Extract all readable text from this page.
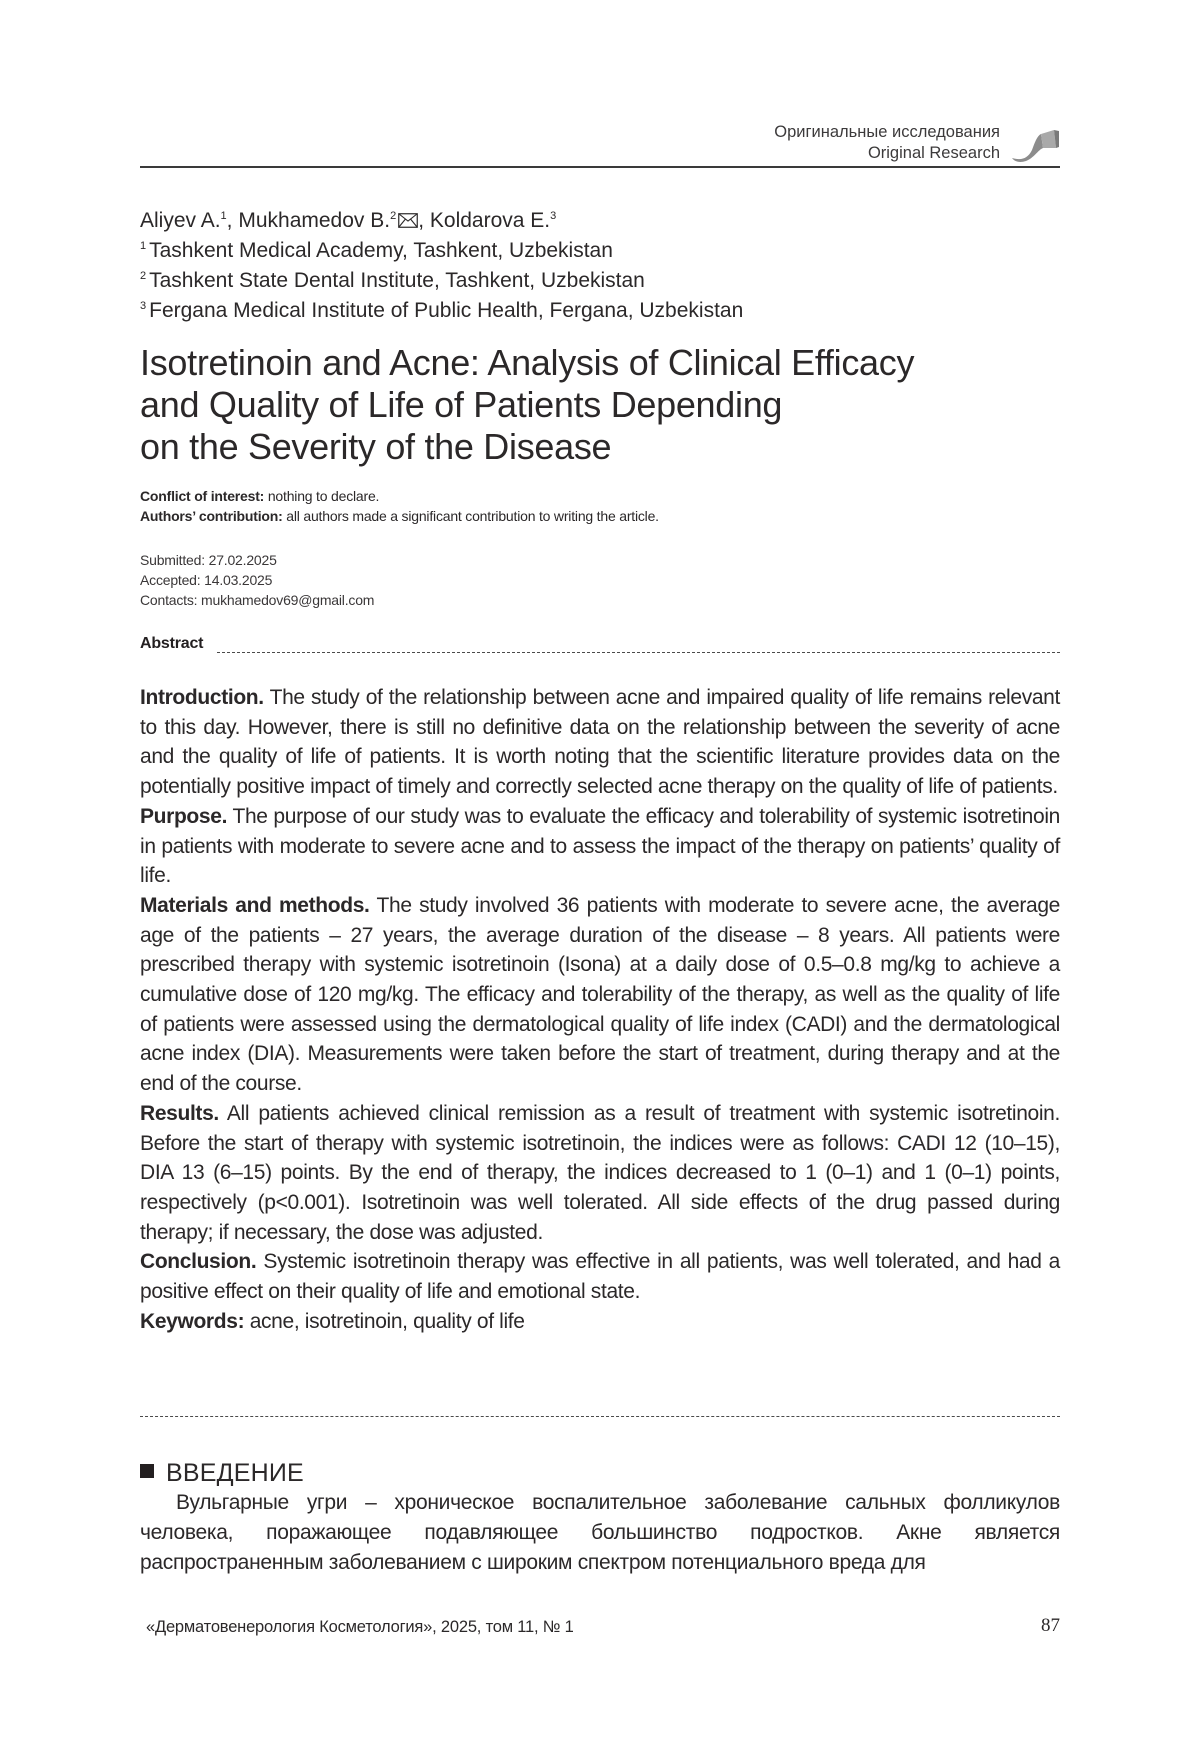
Оригинальные исследования
Original Research
Aliyev A.$^1$, Mukhamedov B.$^2$ , Koldarova E.$^3$
$^1$ Tashkent Medical Academy, Tashkent, Uzbekistan
$^2$ Tashkent State Dental Institute, Tashkent, Uzbekistan
$^3$ Fergana Medical Institute of Public Health, Fergana, Uzbekistan
Isotretinoin and Acne: Analysis of Clinical Efficacy
and Quality of Life of Patients Depending
on the Severity of the Disease
Conflict of interest: nothing to declare.
Authors’ contribution: all authors made a significant contribution to writing the article.
Submitted: 27.02.2025
Accepted: 14.03.2025
Contacts: mukhamedov69@gmail.com
Abstract

Introduction. The study of the relationship between acne and impaired quality of life remains relevant to this day. However, there is still no definitive data on the relationship between the severity of acne and the quality of life of patients. It is worth noting that the scientific literature provides data on the potentially positive impact of timely and correctly selected acne therapy on the quality of life of patients.

Purpose. The purpose of our study was to evaluate the efficacy and tolerability of systemic isotretinoin in patients with moderate to severe acne and to assess the impact of the therapy on patients’ quality of life.

Materials and methods. The study involved 36 patients with moderate to severe acne, the average age of the patients – 27 years, the average duration of the disease – 8 years. All patients were prescribed therapy with systemic isotretinoin (Isona) at a daily dose of 0.5–0.8 mg/kg to achieve a cumulative dose of 120 mg/kg. The efficacy and tolerability of the therapy, as well as the quality of life of patients were assessed using the dermatological quality of life index (CADI) and the dermatological acne index (DIA). Measurements were taken before the start of treatment, during therapy and at the end of the course.

Results. All patients achieved clinical remission as a result of treatment with systemic isotretinoin. Before the start of therapy with systemic isotretinoin, the indices were as follows: CADI 12 (10–15), DIA 13 (6–15) points. By the end of therapy, the indices decreased to 1 (0–1) and 1 (0–1) points, respectively (p<0.001). Isotretinoin was well tolerated. All side effects of the drug passed during therapy; if necessary, the dose was adjusted.

Conclusion. Systemic isotretinoin therapy was effective in all patients, was well tolerated, and had a positive effect on their quality of life and emotional state.

Keywords: acne, isotretinoin, quality of life

ВВЕДЕНИЕ

Вульгарные угри – хроническое воспалительное заболевание сальных фолликулов человека, поражающее подавляющее большинство подростков. Акне является распространенным заболеванием с широким спектром потенциального вреда для

«Дерматовенерология Косметология», 2025, том 11, № 1	87
